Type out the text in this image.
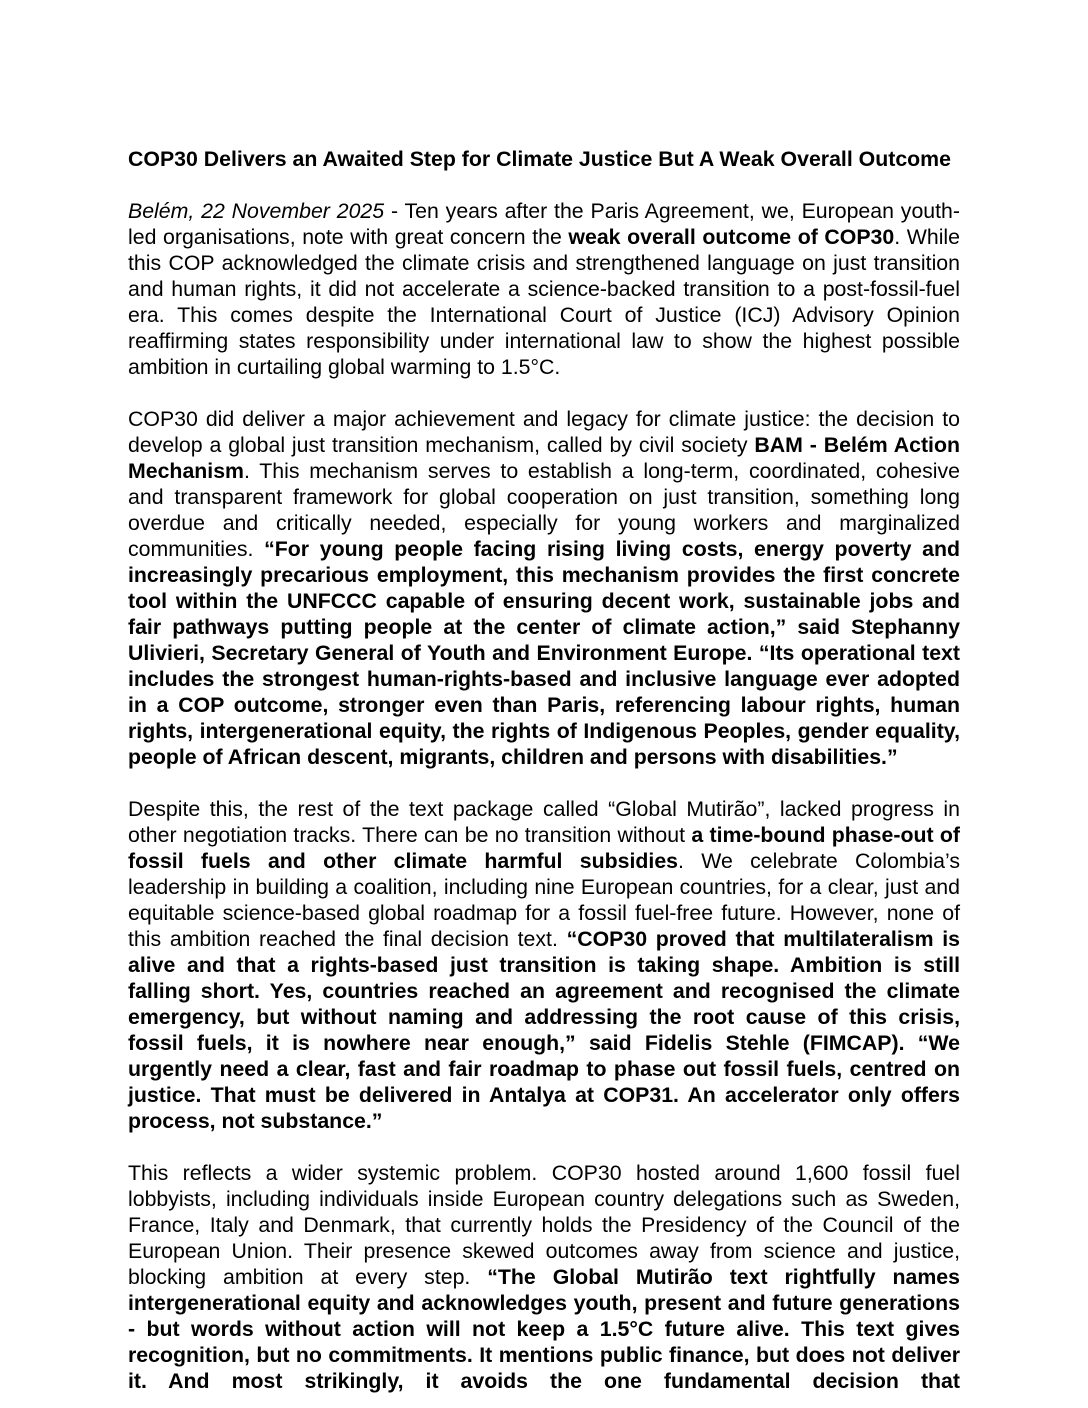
COP30 Delivers an Awaited Step for Climate Justice But A Weak Overall Outcome

Belém, 22 November 2025 - Ten years after the Paris Agreement, we, European youth-led organisations, note with great concern the weak overall outcome of COP30. While this COP acknowledged the climate crisis and strengthened language on just transition and human rights, it did not accelerate a science-backed transition to a post-fossil-fuel era. This comes despite the International Court of Justice (ICJ) Advisory Opinion reaffirming states responsibility under international law to show the highest possible ambition in curtailing global warming to 1.5°C.

COP30 did deliver a major achievement and legacy for climate justice: the decision to develop a global just transition mechanism, called by civil society BAM - Belém Action Mechanism. This mechanism serves to establish a long-term, coordinated, cohesive and transparent framework for global cooperation on just transition, something long overdue and critically needed, especially for young workers and marginalized communities. “For young people facing rising living costs, energy poverty and increasingly precarious employment, this mechanism provides the first concrete tool within the UNFCCC capable of ensuring decent work, sustainable jobs and fair pathways putting people at the center of climate action,” said Stephanny Ulivieri, Secretary General of Youth and Environment Europe. “Its operational text includes the strongest human-rights-based and inclusive language ever adopted in a COP outcome, stronger even than Paris, referencing labour rights, human rights, intergenerational equity, the rights of Indigenous Peoples, gender equality, people of African descent, migrants, children and persons with disabilities.”

Despite this, the rest of the text package called “Global Mutirão”, lacked progress in other negotiation tracks. There can be no transition without a time-bound phase-out of fossil fuels and other climate harmful subsidies. We celebrate Colombia’s leadership in building a coalition, including nine European countries, for a clear, just and equitable science-based global roadmap for a fossil fuel-free future. However, none of this ambition reached the final decision text. “COP30 proved that multilateralism is alive and that a rights-based just transition is taking shape. Ambition is still falling short. Yes, countries reached an agreement and recognised the climate emergency, but without naming and addressing the root cause of this crisis, fossil fuels, it is nowhere near enough,” said Fidelis Stehle (FIMCAP). “We urgently need a clear, fast and fair roadmap to phase out fossil fuels, centred on justice. That must be delivered in Antalya at COP31. An accelerator only offers process, not substance.”

This reflects a wider systemic problem. COP30 hosted around 1,600 fossil fuel lobbyists, including individuals inside European country delegations such as Sweden, France, Italy and Denmark, that currently holds the Presidency of the Council of the European Union. Their presence skewed outcomes away from science and justice, blocking ambition at every step. “The Global Mutirão text rightfully names intergenerational equity and acknowledges youth, present and future generations - but words without action will not keep a 1.5°C future alive. This text gives recognition, but no commitments. It mentions public finance, but does not deliver it. And most strikingly, it avoids the one fundamental decision that
